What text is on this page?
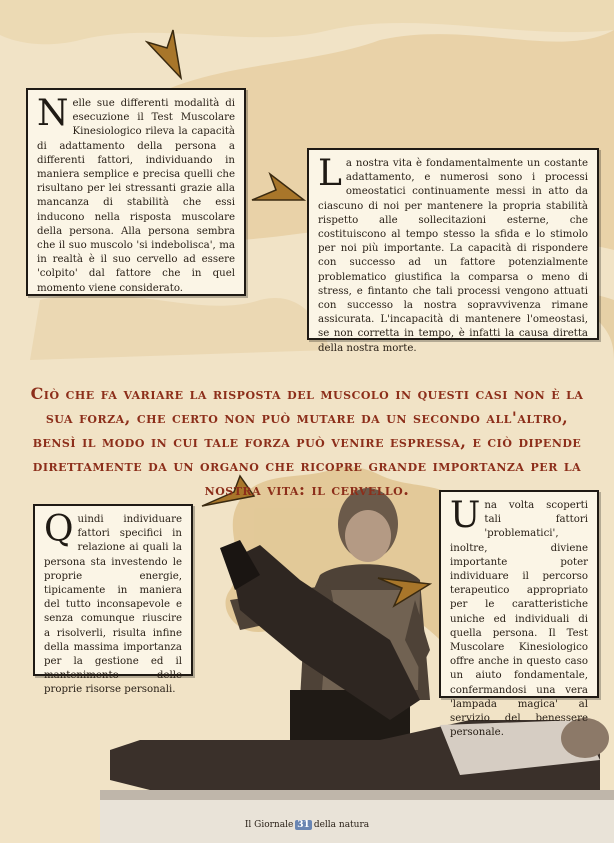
Nelle sue differenti modalità di esecuzione il Test Muscolare Kinesiologico rileva la capacità di adattamento della persona a differenti fattori, individuando in maniera semplice e precisa quelli che risultano per lei stressanti grazie alla mancanza di stabilità che essi inducono nella risposta muscolare della persona. Alla persona sembra che il suo muscolo 'si indebolisca', ma in realtà è il suo cervello ad essere 'colpito' dal fattore che in quel momento viene considerato.
La nostra vita è fondamentalmente un costante adattamento, e numerosi sono i processi omeostatici continuamente messi in atto da ciascuno di noi per mantenere la propria stabilità rispetto alle sollecitazioni esterne, che costituiscono al tempo stesso la sfida e lo stimolo per noi più importante. La capacità di rispondere con successo ad un fattore potenzialmente problematico giustifica la comparsa o meno di stress, e fintanto che tali processi vengono attuati con successo la nostra sopravvivenza rimane assicurata. L'incapacità di mantenere l'omeostasi, se non corretta in tempo, è infatti la causa diretta della nostra morte.
Ciò che fa variare la risposta del muscolo in questi casi non è la sua forza, che certo non può mutare da un secondo all'altro, bensì il modo in cui tale forza può venire espressa, e ciò dipende direttamente da un organo che ricopre grande importanza per la nostra vita: il cervello.
Quindi individuare fattori specifici in relazione ai quali la persona sta investendo le proprie energie, tipicamente in maniera del tutto inconsapevole e senza comunque riuscire a risolverli, risulta infine della massima importanza per la gestione ed il mantenimento delle proprie risorse personali.
Una volta scoperti tali fattori 'problematici', inoltre, diviene importante poter individuare il percorso terapeutico appropriato per le caratteristiche uniche ed individuali di quella persona. Il Test Muscolare Kinesiologico offre anche in questo caso un aiuto fondamentale, confermandosi una vera 'lampada magica' al servizio del benessere personale.
Il Giornale 31 della natura
